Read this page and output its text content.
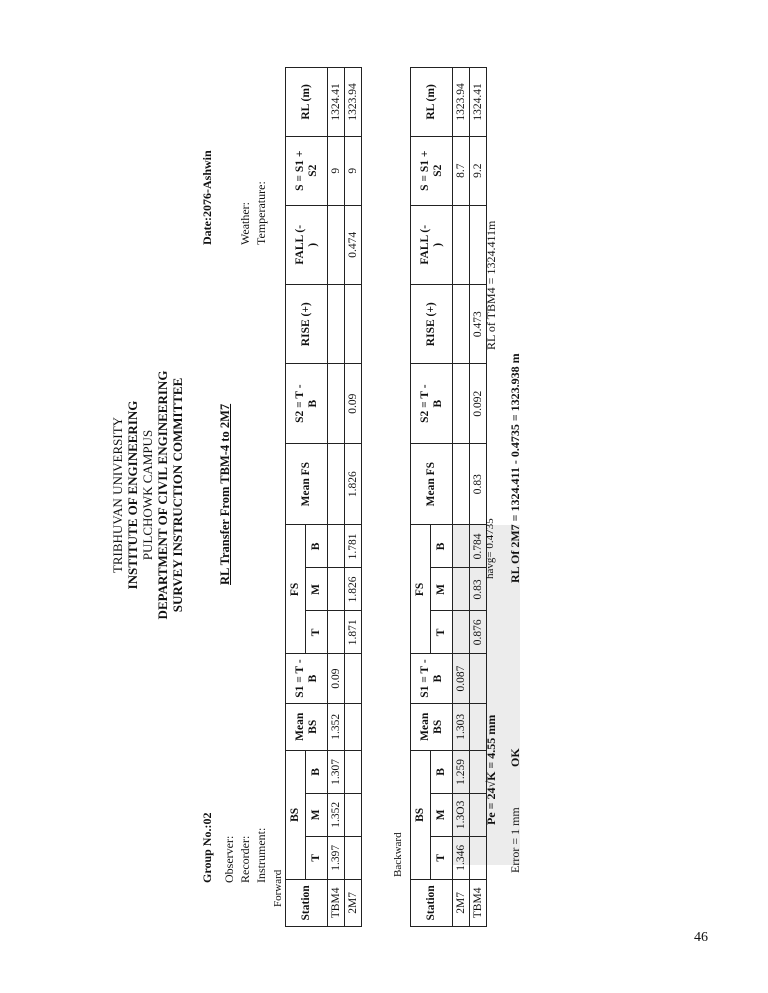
TRIBHUVAN UNIVERSITY INSTITUTE OF ENGINEERING PULCHOWK CAMPUS DEPARTMENT OF CIVIL ENGINEERING SURVEY INSTRUCTION COMMITTEE	RL Transfer From TBM-4 to 2M7
Group No.:02 Observer: Recorder: Instrument:
Forward
Date:2076-Ashwin Weather: Temperature:
Station	BS			Mean
BS	S1 = T -
B	FS			Mean FS	S2 = T -
B	RISE (+)	FALL (-
)	S = S1 +
S2	RL (m)
	T	M	B			T	M	B						
TBM4	1.397	1.352	1.307	1.352	0.09								9	1324.41
2M7						1.871	1.826	1.781	1.826	0.09		0.474	9	1323.94
Backward
Station	BS			Mean
BS	S1 = T -
B	FS			Mean FS	S2 = T -
B	RISE (+)	FALL (-
)	S = S1 +
S2	RL (m)
	T	M	B			T	M	B						
2M7	1.346	1.3O3	1.259	1.303	0.087								8.7	1323.94
TBM4						0.876	0.83	0.784	0.83	0.092	0.473		9.2	1324.41
Pe = 24√K = 4.55 mm
Error = 1 mm
OK
havg= 0.4735 RL Of 2M7 = 1324.411 - 0.4735 = 1323.938 m
RL of TBM4 = 1324.411m
46
